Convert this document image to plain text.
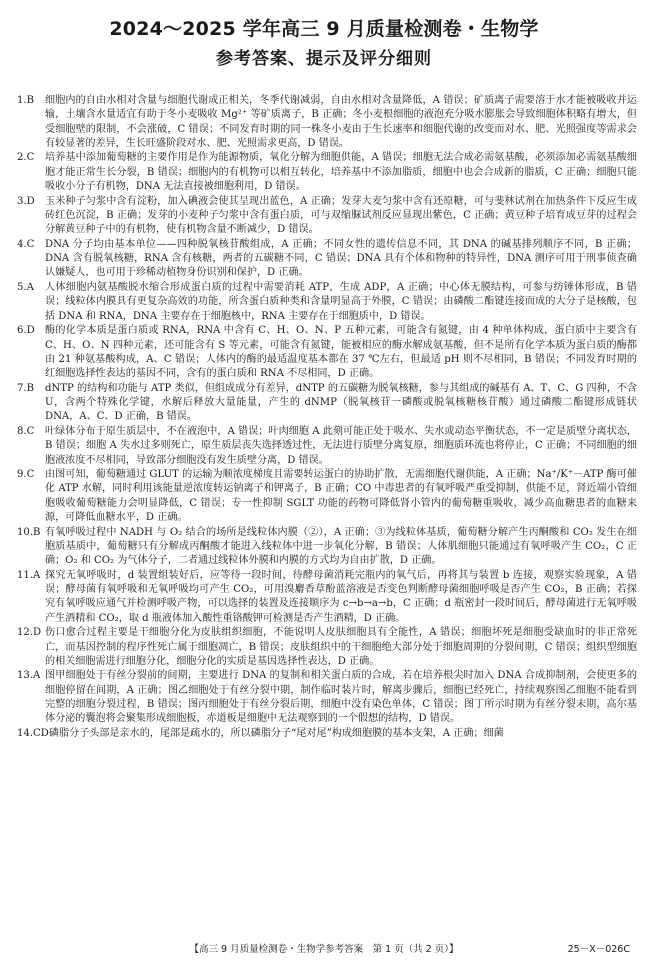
2024～2025 学年高三 9 月质量检测卷・生物学
参考答案、提示及评分细则
1.B	细胞内的自由水相对含量与细胞代谢成正相关，冬季代谢减弱，自由水相对含量降低，A 错误；矿质离子需要溶于水才能被吸收并运输，土壤含水量适宜有助于冬小麦吸收 Mg²⁺ 等矿质离子，B 正确；冬小麦根细胞的液泡充分吸水膨胀会导致细胞体积略有增大，但受细胞壁的限制，不会涨破，C 错误；不同发育时期的同一株冬小麦由于生长速率和细胞代谢的改变而对水、肥、光照强度等需求会有较显著的差异，生长旺盛阶段对水、肥、光照需求更高，D 错误。
2.C	培养基中添加葡萄糖的主要作用是作为能源物质，氧化分解为细胞供能，A 错误；细胞无法合成必需氨基酸，必须添加必需氨基酸细胞才能正常生长分裂，B 错误；细胞内的有机物可以相互转化，培养基中不添加脂质，细胞中也会合成新的脂质，C 正确；细胞只能吸收小分子有机物，DNA 无法直接被细胞利用，D 错误。
3.D	玉米种子匀浆中含有淀粉，加入碘液会使其呈现出蓝色，A 正确；发芽大麦匀浆中含有还原糖，可与斐林试剂在加热条件下反应生成砖红色沉淀，B 正确；发芽的小麦种子匀浆中含有蛋白质，可与双缩脲试剂反应显现出紫色，C 正确；黄豆种子培育成豆芽的过程会分解黄豆种子中的有机物，使有机物含量不断减少，D 错误。
4.C	DNA 分子均由基本单位——四种脱氧核苷酸组成，A 正确；不同女性的遗传信息不同，其 DNA 的碱基排列顺序不同，B 正确；DNA 含有脱氧核糖，RNA 含有核糖，两者的五碳糖不同，C 错误；DNA 具有个体和物种的特异性，DNA 测序可用于刑事侦查确认嫌疑人，也可用于珍稀动植物身份识别和保护，D 正确。
5.A	人体细胞内氨基酸脱水缩合形成蛋白质的过程中需要消耗 ATP，生成 ADP，A 正确；中心体无膜结构，可参与纺锤体形成，B 错误；线粒体内膜具有更复杂高效的功能，所含蛋白质种类和含量明显高于外膜，C 错误；由磷酸二酯键连接而成的大分子是核酸，包括 DNA 和 RNA，DNA 主要存在于细胞核中，RNA 主要存在于细胞质中，D 错误。
6.D	酶的化学本质是蛋白质或 RNA，RNA 中含有 C、H、O、N、P 五种元素，可能含有氮键，由 4 种单体构成，蛋白质中主要含有 C、H、O、N 四种元素，还可能含有 S 等元素，可能含有氮键，能被相应的酶水解成氨基酸，但不是所有化学本质为蛋白质的酶都由 21 种氨基酸构成，A、C 错误；人体内的酶的最适温度基本都在 37 ℃左右，但最适 pH 则不尽相同，B 错误；不同发育时期的红细胞选择性表达的基因不同，含有的蛋白质和 RNA 不尽相同，D 正确。
7.B	dNTP 的结构和功能与 ATP 类似，但组成成分有差异，dNTP 的五碳糖为脱氧核糖，参与其组成的碱基有 A、T、C、G 四种，不含 U，含两个特殊化学键，水解后释放大量能量，产生的 dNMP（脱氧核苷一磷酸或脱氧核糖核苷酸）通过磷酸二酯键形成链状 DNA，A、C、D 正确，B 错误。
8.C	叶绿体分布于原生质层中，不在液泡中，A 错误；叶肉细胞 A 此刻可能正处于吸水、失水或动态平衡状态，不一定是质壁分离状态，B 错误；细胞 A 失水过多则死亡，原生质层丧失选择透过性，无法进行质壁分离复原，细胞质环流也将停止，C 正确；不同细胞的细胞液浓度不尽相同，导致部分细胞没有发生质壁分离，D 错误。
9.C	由图可知，葡萄糖通过 GLUT 的运输为顺浓度梯度且需要转运蛋白的协助扩散，无需细胞代谢供能，A 正确；Na⁺/K⁺－ATP 酶可催化 ATP 水解，同时利用该能量逆浓度转运钠离子和钾离子，B 正确；CO 中毒患者的有氧呼吸严重受抑制，供能不足，肾近端小管细胞吸收葡萄糖能力会明显降低，C 错误；专一性抑制 SGLT 功能的药物可降低肾小管内的葡萄糖重吸收，减少高血糖患者的血糖来源，可降低血糖水平，D 正确。
10.B 有氧呼吸过程中 NADH 与 O₂ 结合的场所是线粒体内膜（②），A 正确；③为线粒体基质，葡萄糖分解产生丙酮酸和 CO₂ 发生在细胞质基质中，葡萄糖只有分解成丙酮酸才能进入线粒体中进一步氧化分解，B 错误；人体肌细胞只能通过有氧呼吸产生 CO₂，C 正确；O₂ 和 CO₂ 为气体分子，二者通过线粒体外膜和内膜的方式均为自由扩散，D 正确。
11.A 探究无氧呼吸时，d 装置组装好后，应等待一段时间，待酵母菌消耗完瓶内的氧气后，再将其与装置 b 连接，观察实验现象，A 错误；酵母菌有氧呼吸和无氧呼吸均可产生 CO₂，可用溴麝香草酚蓝溶液是否变色判断酵母菌细胞呼吸是否产生 CO₂，B 正确；若探究有氧呼吸应通气并检测呼吸产物，可以选择的装置及连接顺序为 c→b→a→b，C 正确；d 瓶密封一段时间后，酵母菌进行无氧呼吸产生酒精和 CO₂，取 d 瓶液体加入酸性重铬酸钾可检测是否产生酒精，D 正确。
12.D 伤口愈合过程主要是干细胞分化为皮肤组织细胞，不能说明人皮肤细胞具有全能性，A 错误；细胞坏死是细胞受缺血时的非正常死亡，而基因控制的程序性死亡属于细胞凋亡，B 错误；皮肤组织中的干细胞绝大部分处于细胞周期的分裂间期，C 错误；组织型细胞的相关细胞需进行细胞分化，细胞分化的实质是基因选择性表达，D 正确。
13.A 图甲细胞处于有丝分裂前的间期，主要进行 DNA 的复制和相关蛋白质的合成，若在培养根尖时加入 DNA 合成抑制剂，会使更多的细胞停留在间期，A 正确；图乙细胞处于有丝分裂中期，制作临时装片时，解离步骤后，细胞已经死亡，持续观察图乙细胞不能看到完整的细胞分裂过程，B 错误；图丙细胞处于有丝分裂后期，细胞中没有染色单体，C 错误；图丁所示时期为有丝分裂末期，高尔基体分泌的囊泡将会聚集形成细胞板，赤道板是细胞中无法观察到的一个假想的结构，D 错误。
14.CD 磷脂分子头部是亲水的，尾部是疏水的，所以磷脂分子“尾对尾”构成细胞膜的基本支架，A 正确；细菌
【高三 9 月质量检测卷・生物学参考答案　第 1 页（共 2 页）】	25－X－026C
